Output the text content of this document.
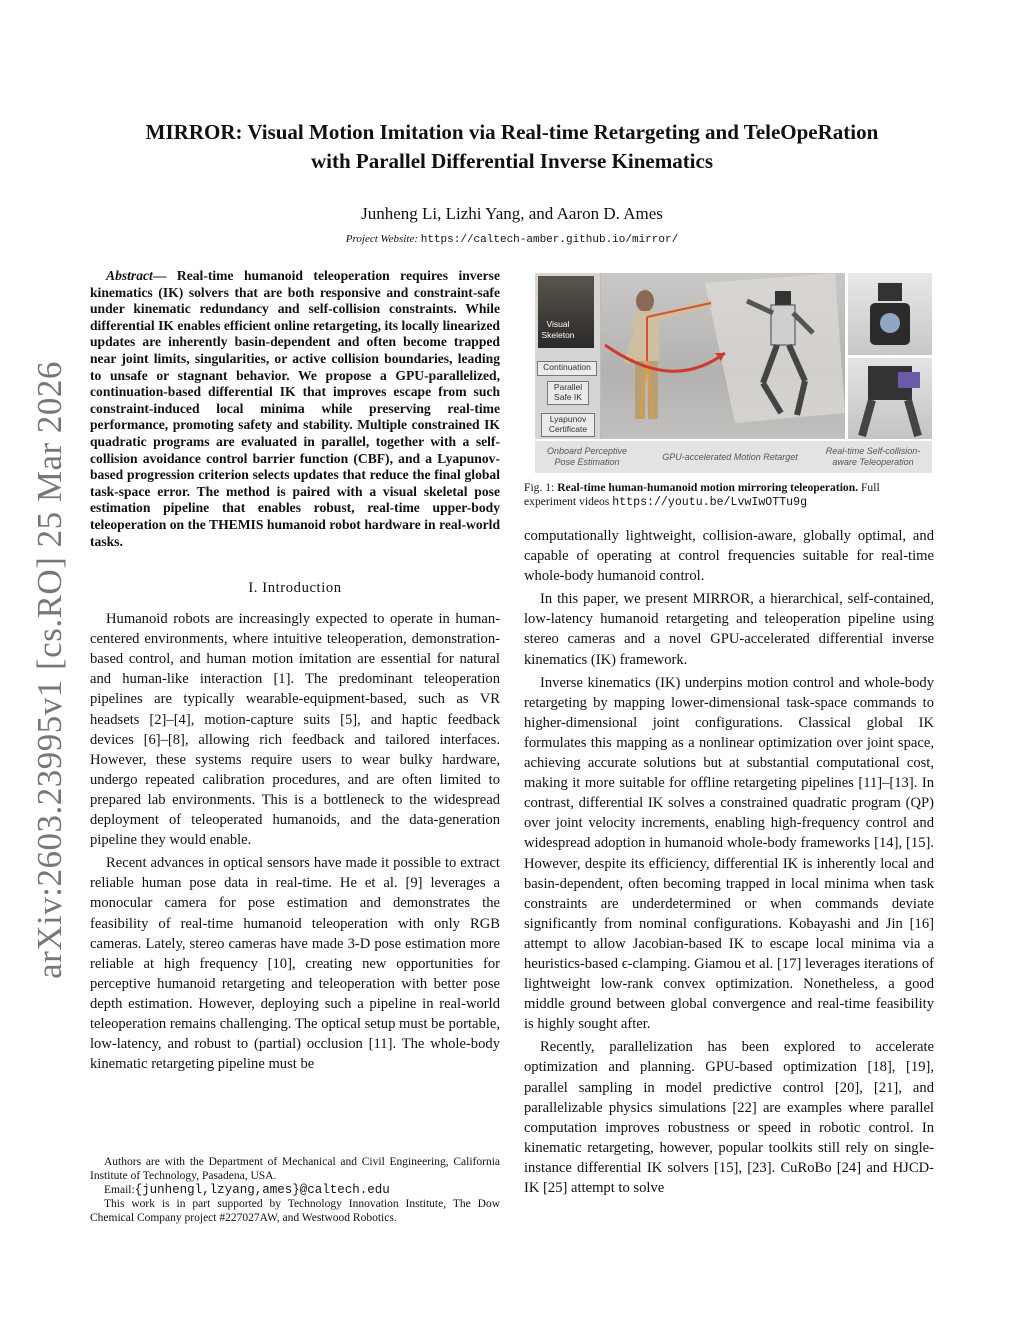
MIRROR: Visual Motion Imitation via Real-time Retargeting and TeleOpeRation
with Parallel Differential Inverse Kinematics
Junheng Li, Lizhi Yang, and Aaron D. Ames
Project Website: https://caltech-amber.github.io/mirror/
arXiv:2603.23995v1 [cs.RO] 25 Mar 2026

Abstract— Real-time humanoid teleoperation requires inverse kinematics (IK) solvers that are both responsive and constraint-safe under kinematic redundancy and self-collision constraints. While differential IK enables efficient online retargeting, its locally linearized updates are inherently basin-dependent and often become trapped near joint limits, singularities, or active collision boundaries, leading to unsafe or stagnant behavior. We propose a GPU-parallelized, continuation-based differential IK that improves escape from such constraint-induced local minima while preserving real-time performance, promoting safety and stability. Multiple constrained IK quadratic programs are evaluated in parallel, together with a self-collision avoidance control barrier function (CBF), and a Lyapunov-based progression criterion selects updates that reduce the final global task-space error. The method is paired with a visual skeletal pose estimation pipeline that enables robust, real-time upper-body teleoperation on the THEMIS humanoid robot hardware in real-world tasks.

I. Introduction

Humanoid robots are increasingly expected to operate in human-centered environments, where intuitive teleoperation, demonstration-based control, and human motion imitation are essential for natural and human-like interaction [1]. The predominant teleoperation pipelines are typically wearable-equipment-based, such as VR headsets [2]–[4], motion-capture suits [5], and haptic feedback devices [6]–[8], allowing rich feedback and tailored interfaces. However, these systems require users to wear bulky hardware, undergo repeated calibration procedures, and are often limited to prepared lab environments. This is a bottleneck to the widespread deployment of teleoperated humanoids, and the data-generation pipeline they would enable.

Recent advances in optical sensors have made it possible to extract reliable human pose data in real-time. He et al. [9] leverages a monocular camera for pose estimation and demonstrates the feasibility of real-time humanoid teleoperation with only RGB cameras. Lately, stereo cameras have made 3-D pose estimation more reliable at high frequency [10], creating new opportunities for perceptive humanoid retargeting and teleoperation with better pose depth estimation. However, deploying such a pipeline in real-world teleoperation remains challenging. The optical setup must be portable, low-latency, and robust to (partial) occlusion [11]. The whole-body kinematic retargeting pipeline must be

Authors are with the Department of Mechanical and Civil Engineering, California Institute of Technology, Pasadena, USA.

Email:{junhengl,lzyang,ames}@caltech.edu

This work is in part supported by Technology Innovation Institute, The Dow Chemical Company project #227027AW, and Westwood Robotics.

Visual Skeleton
Continuation
Parallel Safe IK
Lyapunov Certificate
Onboard Perceptive Pose Estimation	GPU-accelerated Motion Retarget
Real-time Self-collision-aware Teleoperation
Fig. 1: Real-time human-humanoid motion mirroring teleoperation. Full experiment videos https://youtu.be/LvwIwOTTu9g

computationally lightweight, collision-aware, globally optimal, and capable of operating at control frequencies suitable for real-time whole-body humanoid control.

In this paper, we present MIRROR, a hierarchical, self-contained, low-latency humanoid retargeting and teleoperation pipeline using stereo cameras and a novel GPU-accelerated differential inverse kinematics (IK) framework.

Inverse kinematics (IK) underpins motion control and whole-body retargeting by mapping lower-dimensional task-space commands to higher-dimensional joint configurations. Classical global IK formulates this mapping as a nonlinear optimization over joint space, achieving accurate solutions but at substantial computational cost, making it more suitable for offline retargeting pipelines [11]–[13]. In contrast, differential IK solves a constrained quadratic program (QP) over joint velocity increments, enabling high-frequency control and widespread adoption in humanoid whole-body frameworks [14], [15]. However, despite its efficiency, differential IK is inherently local and basin-dependent, often becoming trapped in local minima when task constraints are underdetermined or when commands deviate significantly from nominal configurations. Kobayashi and Jin [16] attempt to allow Jacobian-based IK to escape local minima via a heuristics-based ϵ-clamping. Giamou et al. [17] leverages iterations of lightweight low-rank convex optimization. Nonetheless, a good middle ground between global convergence and real-time feasibility is highly sought after.

Recently, parallelization has been explored to accelerate optimization and planning. GPU-based optimization [18], [19], parallel sampling in model predictive control [20], [21], and parallelizable physics simulations [22] are examples where parallel computation improves robustness or speed in robotic control. In kinematic retargeting, however, popular toolkits still rely on single-instance differential IK solvers [15], [23]. CuRoBo [24] and HJCD-IK [25] attempt to solve
